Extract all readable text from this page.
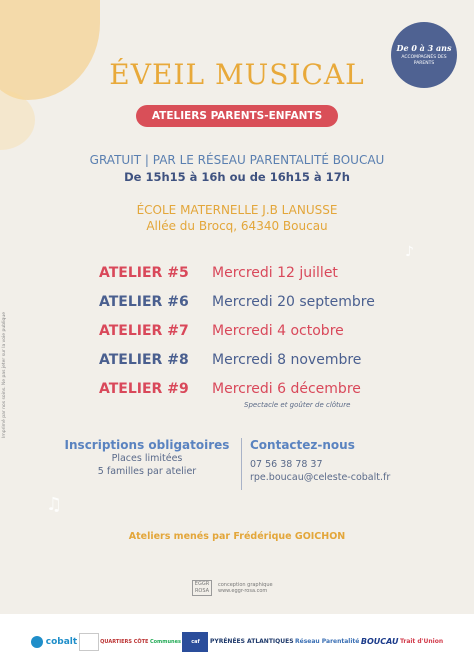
De 0 à 3 ans
ACCOMPAGNÉS DES PARENTS
ÉVEIL MUSICAL
ATELIERS PARENTS-ENFANTS
GRATUIT | PAR LE RÉSEAU PARENTALITÉ BOUCAU
De 15h15 à 16h ou de 16h15 à 17h
ÉCOLE MATERNELLE J.B LANUSSE
Allée du Brocq, 64340 Boucau
Imprimé par nos soins. Ne pas jeter sur la voie publique
ATELIER #5 Mercredi 12 juillet
ATELIER #6 Mercredi 20 septembre
ATELIER #7 Mercredi 4 octobre
ATELIER #8 Mercredi 8 novembre
ATELIER #9 Mercredi 6 décembre
Spectacle et goûter de clôture
Inscriptions obligatoires
Places limitées
5 familles par atelier
Contactez-nous
07 56 38 78 37
rpe.boucau@celeste-cobalt.fr
♫
♪
Ateliers menés par Frédérique GOICHON
EGGR ROSA
conception graphique
www.eggr-rosa.com
cobalt	QUARTIERS CÔTE Communes	caf	PYRÉNÉES ATLANTIQUES Réseau Parentalité BOUCAU Trait d'Union
